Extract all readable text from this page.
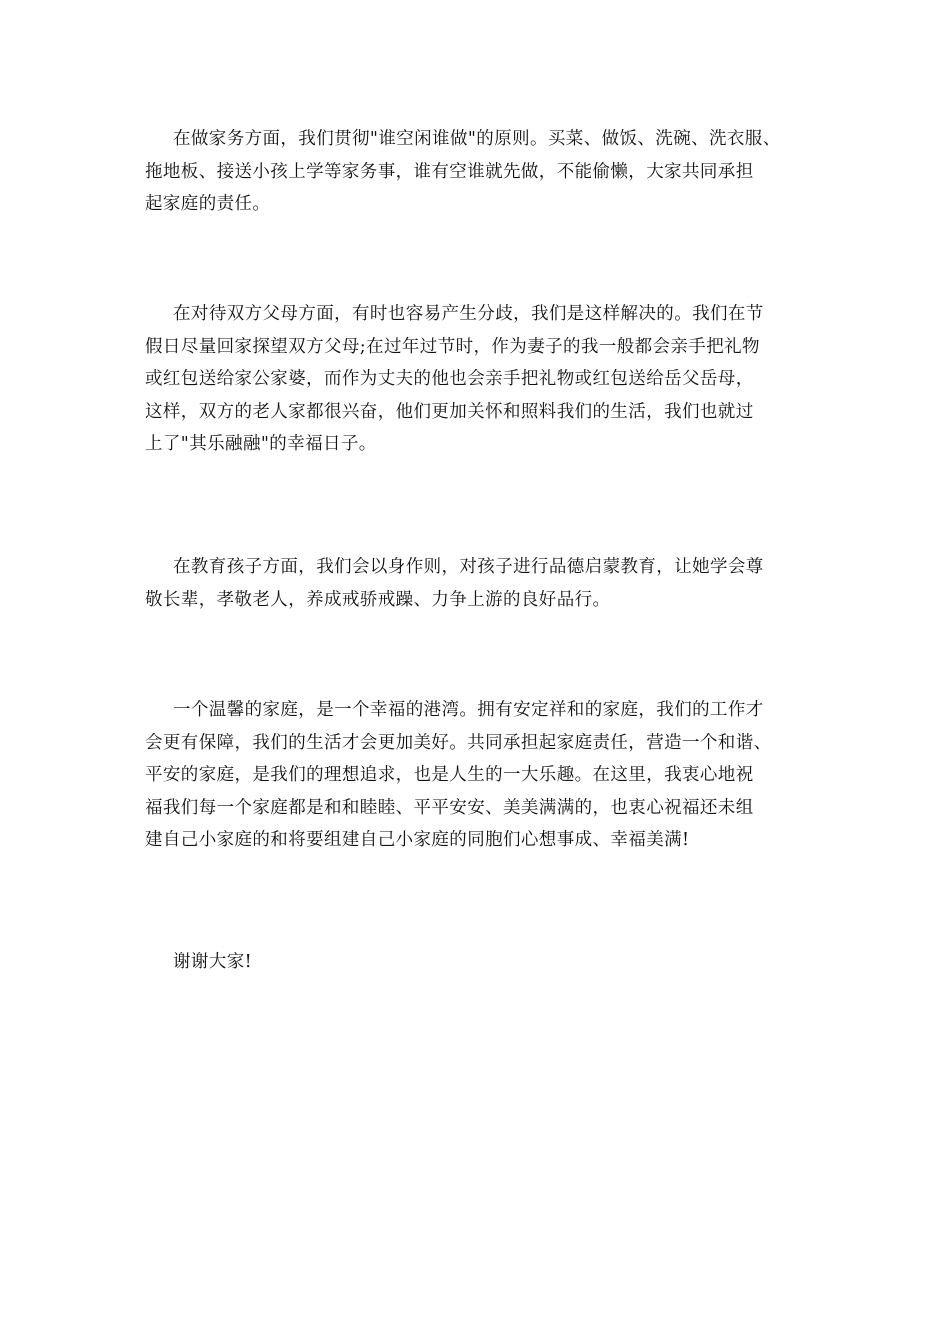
在做家务方面，我们贯彻"谁空闲谁做"的原则。买菜、做饭、洗碗、洗衣服、
拖地板、接送小孩上学等家务事，谁有空谁就先做，不能偷懒，大家共同承担
起家庭的责任。
在对待双方父母方面，有时也容易产生分歧，我们是这样解决的。我们在节
假日尽量回家探望双方父母;在过年过节时，作为妻子的我一般都会亲手把礼物
或红包送给家公家婆，而作为丈夫的他也会亲手把礼物或红包送给岳父岳母，
这样，双方的老人家都很兴奋，他们更加关怀和照料我们的生活，我们也就过
上了"其乐融融"的幸福日子。
在教育孩子方面，我们会以身作则，对孩子进行品德启蒙教育，让她学会尊
敬长辈，孝敬老人，养成戒骄戒躁、力争上游的良好品行。
一个温馨的家庭，是一个幸福的港湾。拥有安定祥和的家庭，我们的工作才
会更有保障，我们的生活才会更加美好。共同承担起家庭责任，营造一个和谐、
平安的家庭，是我们的理想追求，也是人生的一大乐趣。在这里，我衷心地祝
福我们每一个家庭都是和和睦睦、平平安安、美美满满的，也衷心祝福还未组
建自己小家庭的和将要组建自己小家庭的同胞们心想事成、幸福美满!
谢谢大家!
